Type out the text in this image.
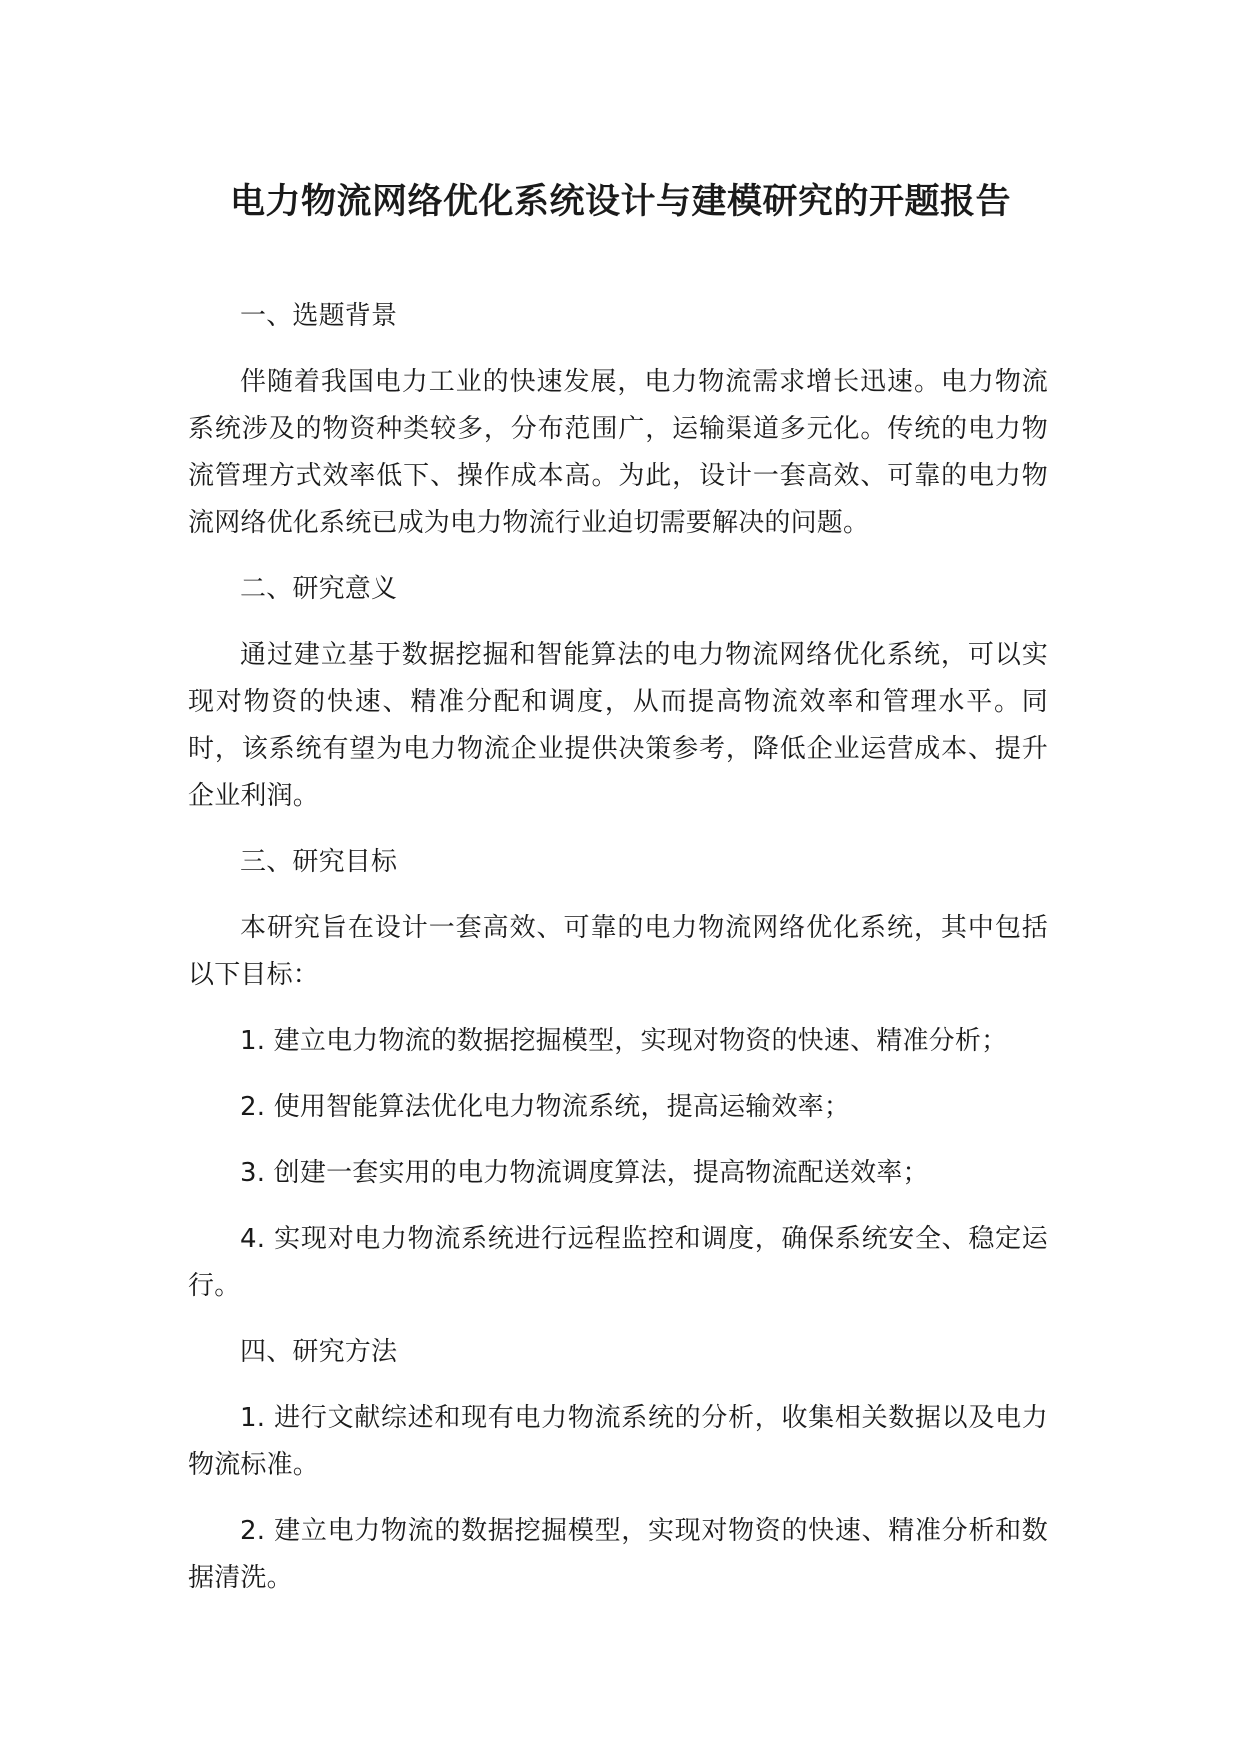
电力物流网络优化系统设计与建模研究的开题报告

一、选题背景

伴随着我国电力工业的快速发展，电力物流需求增长迅速。电力物流系统涉及的物资种类较多，分布范围广，运输渠道多元化。传统的电力物流管理方式效率低下、操作成本高。为此，设计一套高效、可靠的电力物流网络优化系统已成为电力物流行业迫切需要解决的问题。

二、研究意义

通过建立基于数据挖掘和智能算法的电力物流网络优化系统，可以实现对物资的快速、精准分配和调度，从而提高物流效率和管理水平。同时，该系统有望为电力物流企业提供决策参考，降低企业运营成本、提升企业利润。

三、研究目标

本研究旨在设计一套高效、可靠的电力物流网络优化系统，其中包括以下目标：

1. 建立电力物流的数据挖掘模型，实现对物资的快速、精准分析；

2. 使用智能算法优化电力物流系统，提高运输效率；

3. 创建一套实用的电力物流调度算法，提高物流配送效率；

4. 实现对电力物流系统进行远程监控和调度，确保系统安全、稳定运行。

四、研究方法

1. 进行文献综述和现有电力物流系统的分析，收集相关数据以及电力物流标准。

2. 建立电力物流的数据挖掘模型，实现对物资的快速、精准分析和数据清洗。
